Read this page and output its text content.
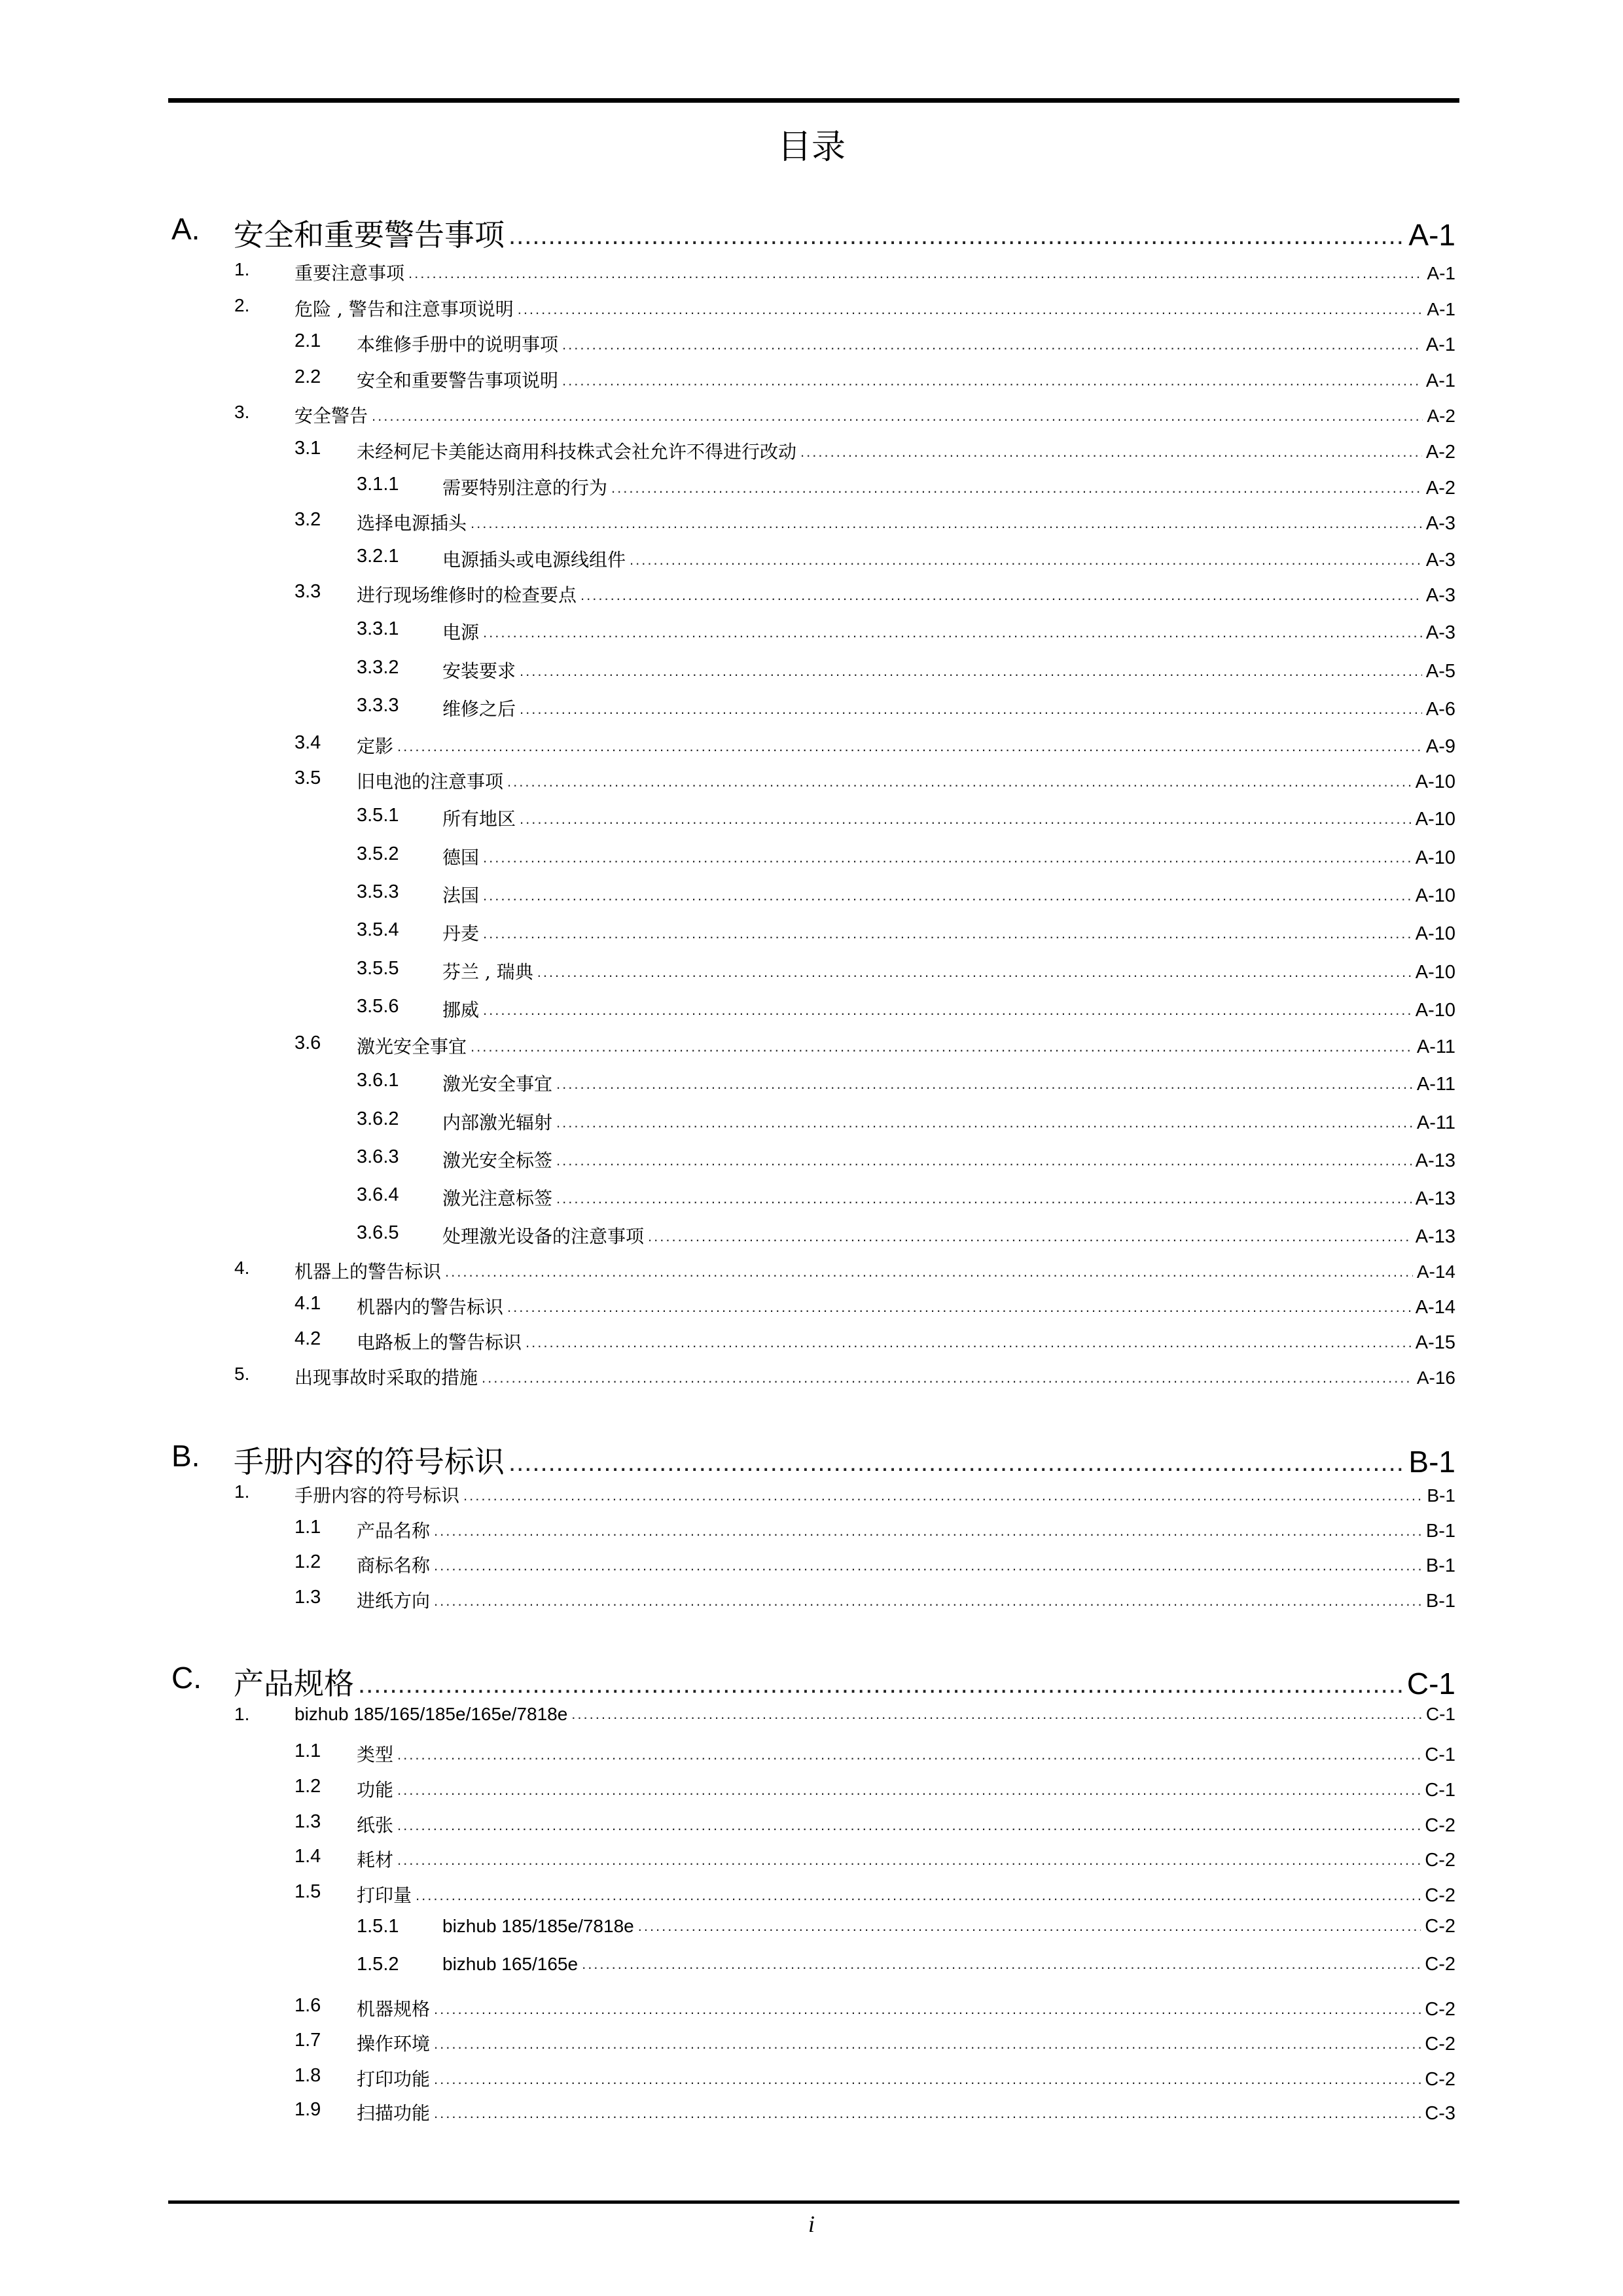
目录
A. 安全和重要警告事项 .....	A-1
1. 重要注意事项 .....	A-1
2. 危险 , 警告和注意事项说明 .....	A-1
2.1 本维修手册中的说明事项 .....	A-1
2.2 安全和重要警告事项说明 .....	A-1
3. 安全警告 .....	A-2
3.1 未经柯尼卡美能达商用科技株式会社允许不得进行改动 .....	A-2
3.1.1 需要特别注意的行为 .....	A-2
3.2 选择电源插头 .....	A-3
3.2.1 电源插头或电源线组件 .....	A-3
3.3 进行现场维修时的检查要点 .....	A-3
3.3.1 电源 .....	A-3
3.3.2 安装要求 .....	A-5
3.3.3 维修之后 .....	A-6
3.4 定影 .....	A-9
3.5 旧电池的注意事项 .....	A-10
3.5.1 所有地区 .....	A-10
3.5.2 德国 .....	A-10
3.5.3 法国 .....	A-10
3.5.4 丹麦 .....	A-10
3.5.5 芬兰 , 瑞典 .....	A-10
3.5.6 挪威 .....	A-10
3.6 激光安全事宜 .....	A-11
3.6.1 激光安全事宜 .....	A-11
3.6.2 内部激光辐射 .....	A-11
3.6.3 激光安全标签 .....	A-13
3.6.4 激光注意标签 .....	A-13
3.6.5 处理激光设备的注意事项 .....	A-13
4. 机器上的警告标识 .....	A-14
4.1 机器内的警告标识 .....	A-14
4.2 电路板上的警告标识 .....	A-15
5. 出现事故时采取的措施 .....	A-16
B. 手册内容的符号标识 .....	B-1
1. 手册内容的符号标识 .....	B-1
1.1 产品名称 .....	B-1
1.2 商标名称 .....	B-1
1.3 进纸方向 .....	B-1
C. 产品规格 .....	C-1
1. bizhub 185/165/185e/165e/7818e .....	C-1
1.1 类型 .....	C-1
1.2 功能 .....	C-1
1.3 纸张 .....	C-2
1.4 耗材 .....	C-2
1.5 打印量 .....	C-2
1.5.1 bizhub 185/185e/7818e .....	C-2
1.5.2 bizhub 165/165e .....	C-2
1.6 机器规格 .....	C-2
1.7 操作环境 .....	C-2
1.8 打印功能 .....	C-2
1.9 扫描功能 .....	C-3
i
